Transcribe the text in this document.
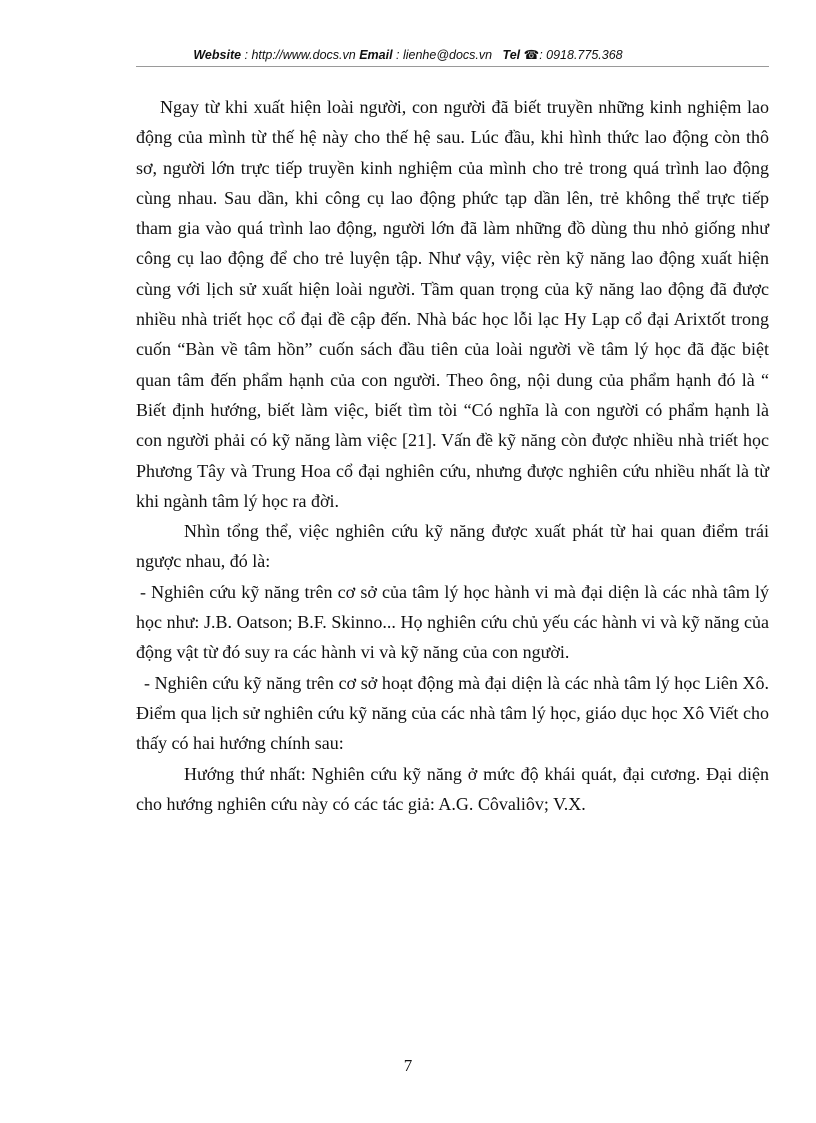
Website : http://www.docs.vn Email : lienhe@docs.vn Tel ☎: 0918.775.368

Ngay từ khi xuất hiện loài người, con người đã biết truyền những kinh nghiệm lao động của mình từ thế hệ này cho thế hệ sau. Lúc đầu, khi hình thức lao động còn thô sơ, người lớn trực tiếp truyền kinh nghiệm của mình cho trẻ trong quá trình lao động cùng nhau. Sau dần, khi công cụ lao động phức tạp dần lên, trẻ không thể trực tiếp tham gia vào quá trình lao động, người lớn đã làm những đồ dùng thu nhỏ giống như công cụ lao động để cho trẻ luyện tập. Như vậy, việc rèn kỹ năng lao động xuất hiện cùng với lịch sử xuất hiện loài người. Tầm quan trọng của kỹ năng lao động đã được nhiều nhà triết học cổ đại đề cập đến. Nhà bác học lỗi lạc Hy Lạp cổ đại Arixtốt trong cuốn “Bàn về tâm hồn” cuốn sách đầu tiên của loài người về tâm lý học đã đặc biệt quan tâm đến phẩm hạnh của con người. Theo ông, nội dung của phẩm hạnh đó là “ Biết định hướng, biết làm việc, biết tìm tòi “Có nghĩa là con người có phẩm hạnh là con người phải có kỹ năng làm việc [21]. Vấn đề kỹ năng còn được nhiều nhà triết học Phương Tây và Trung Hoa cổ đại nghiên cứu, nhưng được nghiên cứu nhiều nhất là từ khi ngành tâm lý học ra đời.

Nhìn tổng thể, việc nghiên cứu kỹ năng được xuất phát từ hai quan điểm trái ngược nhau, đó là:

- Nghiên cứu kỹ năng trên cơ sở của tâm lý học hành vi mà đại diện là các nhà tâm lý học như: J.B. Oatson; B.F. Skinno... Họ nghiên cứu chủ yếu các hành vi và kỹ năng của động vật từ đó suy ra các hành vi và kỹ năng của con người.

- Nghiên cứu kỹ năng trên cơ sở hoạt động mà đại diện là các nhà tâm lý học Liên Xô. Điểm qua lịch sử nghiên cứu kỹ năng của các nhà tâm lý học, giáo dục học Xô Viết cho thấy có hai hướng chính sau:

Hướng thứ nhất: Nghiên cứu kỹ năng ở mức độ khái quát, đại cương. Đại diện cho hướng nghiên cứu này có các tác giả: A.G. Côvaliôv; V.X.

7
